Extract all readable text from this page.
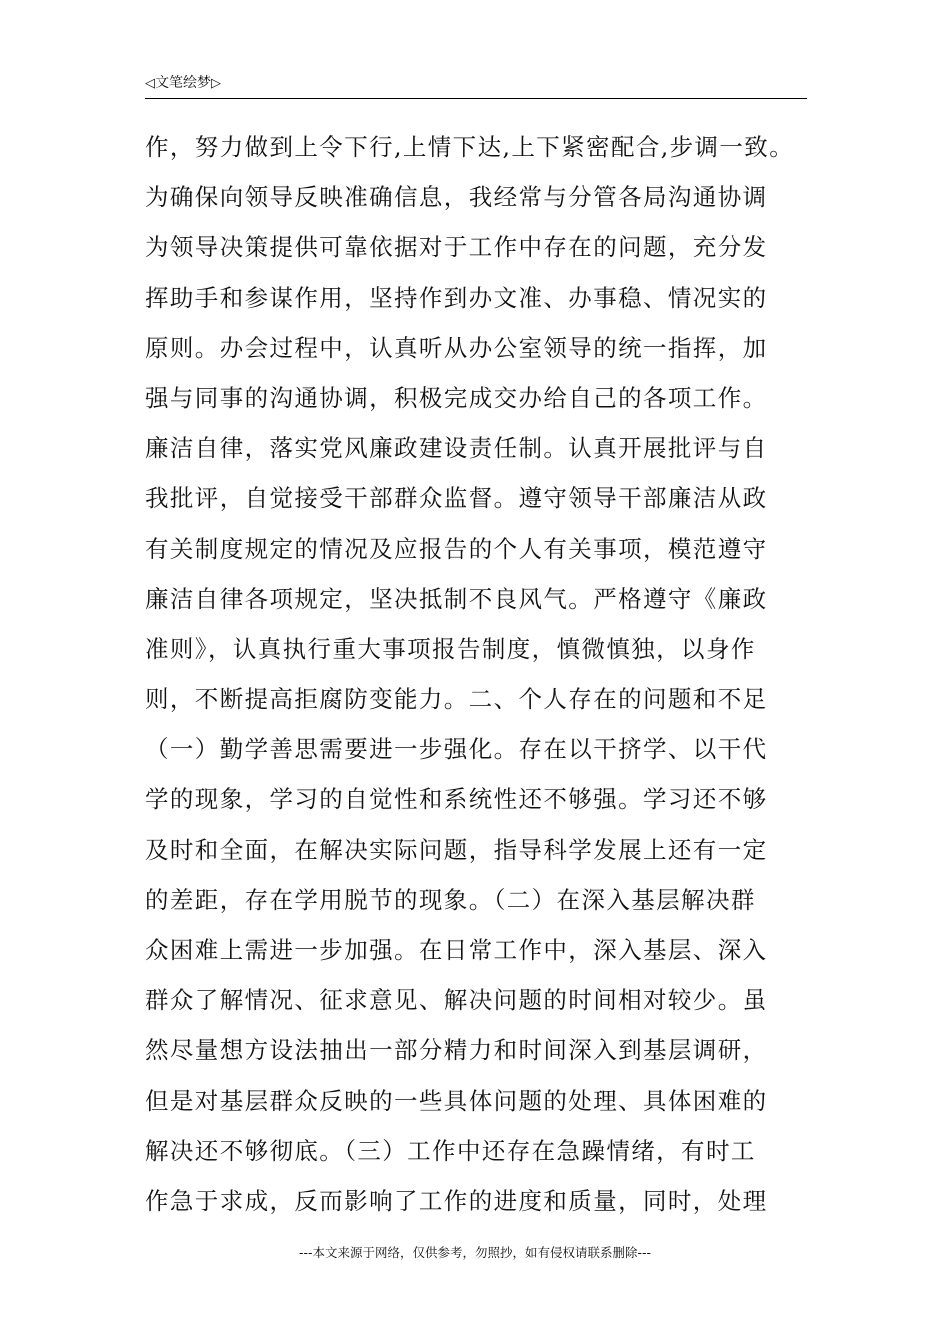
◁文笔绘梦▷
作，努力做到上令下行,上情下达,上下紧密配合,步调一致。
为确保向领导反映准确信息，我经常与分管各局沟通协调
为领导决策提供可靠依据对于工作中存在的问题，充分发
挥助手和参谋作用，坚持作到办文准、办事稳、情况实的
原则。办会过程中，认真听从办公室领导的统一指挥，加
强与同事的沟通协调，积极完成交办给自己的各项工作。
廉洁自律，落实党风廉政建设责任制。认真开展批评与自
我批评，自觉接受干部群众监督。遵守领导干部廉洁从政
有关制度规定的情况及应报告的个人有关事项，模范遵守
廉洁自律各项规定，坚决抵制不良风气。严格遵守《廉政
准则》，认真执行重大事项报告制度，慎微慎独，以身作
则，不断提高拒腐防变能力。二、个人存在的问题和不足
（一）勤学善思需要进一步强化。存在以干挤学、以干代
学的现象，学习的自觉性和系统性还不够强。学习还不够
及时和全面，在解决实际问题，指导科学发展上还有一定
的差距，存在学用脱节的现象。（二）在深入基层解决群
众困难上需进一步加强。在日常工作中，深入基层、深入
群众了解情况、征求意见、解决问题的时间相对较少。虽
然尽量想方设法抽出一部分精力和时间深入到基层调研，
但是对基层群众反映的一些具体问题的处理、具体困难的
解决还不够彻底。（三）工作中还存在急躁情绪，有时工
作急于求成，反而影响了工作的进度和质量，同时，处理
---本文来源于网络，仅供参考，勿照抄，如有侵权请联系删除---
